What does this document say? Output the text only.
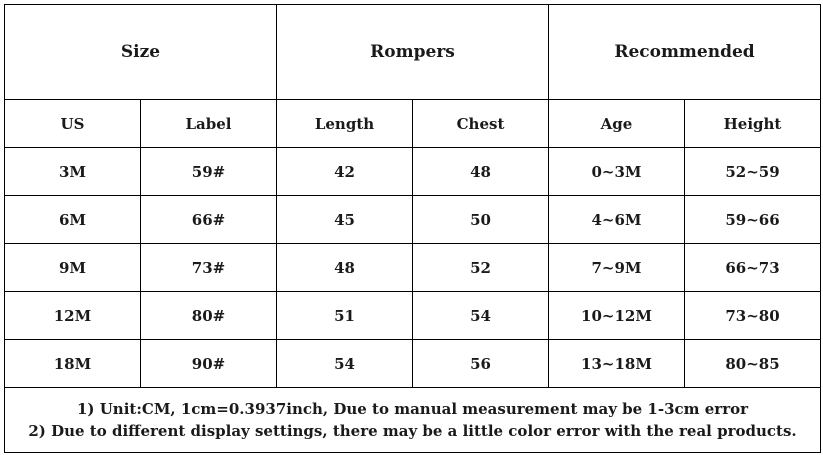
Size		Rompers		Recommended	
US	Label	Length	Chest	Age	Height
3M	59#	42	48	0~3M	52~59
6M	66#	45	50	4~6M	59~66
9M	73#	48	52	7~9M	66~73
12M	80#	51	54	10~12M	73~80
18M	90#	54	56	13~18M	80~85

1) Unit:CM, 1cm=0.3937inch, Due to manual measurement may be 1-3cm error
2) Due to different display settings, there may be a little color error with the real products.					
